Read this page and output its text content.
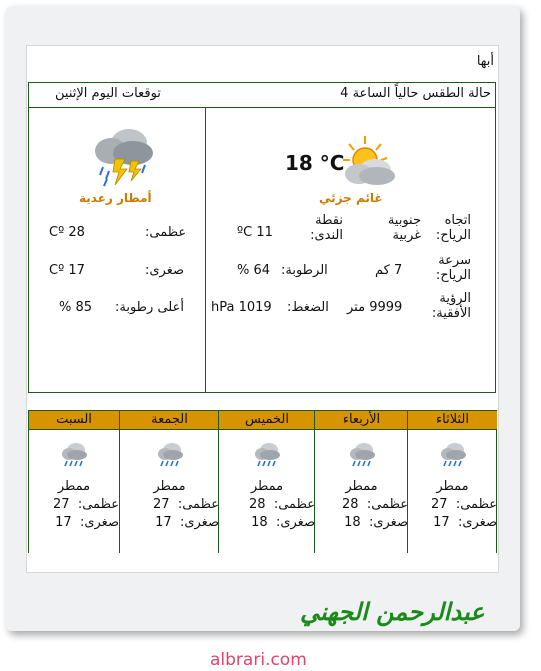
أبها
حالة الطقس حالياً الساعة 4
توقعات اليوم الإثنين
أمطار رعدية
عظمى:
28 Cº
صغرى:
17 Cº
أعلى رطوبة:
85 %
18 °C
غائم جزئي
اتجاه الرياح:
جنوبية غربية
نقطة الندى:
11 ºC
سرعة الرياح:
7 كم
الرطوبة:
64 %
الرؤية الأفقية:
9999 متر
الضغط:
1019 hPa
السبت
ممطر
عظمى:  27
صغرى:  17
الجمعة
ممطر
عظمى:  27
صغرى:  17
الخميس
ممطر
عظمى:  28
صغرى:  18
الأربعاء
ممطر
عظمى:  28
صغرى:  18
الثلاثاء
ممطر
عظمى:  27
صغرى:  17
عبدالرحمن الجهني
albrari.com
